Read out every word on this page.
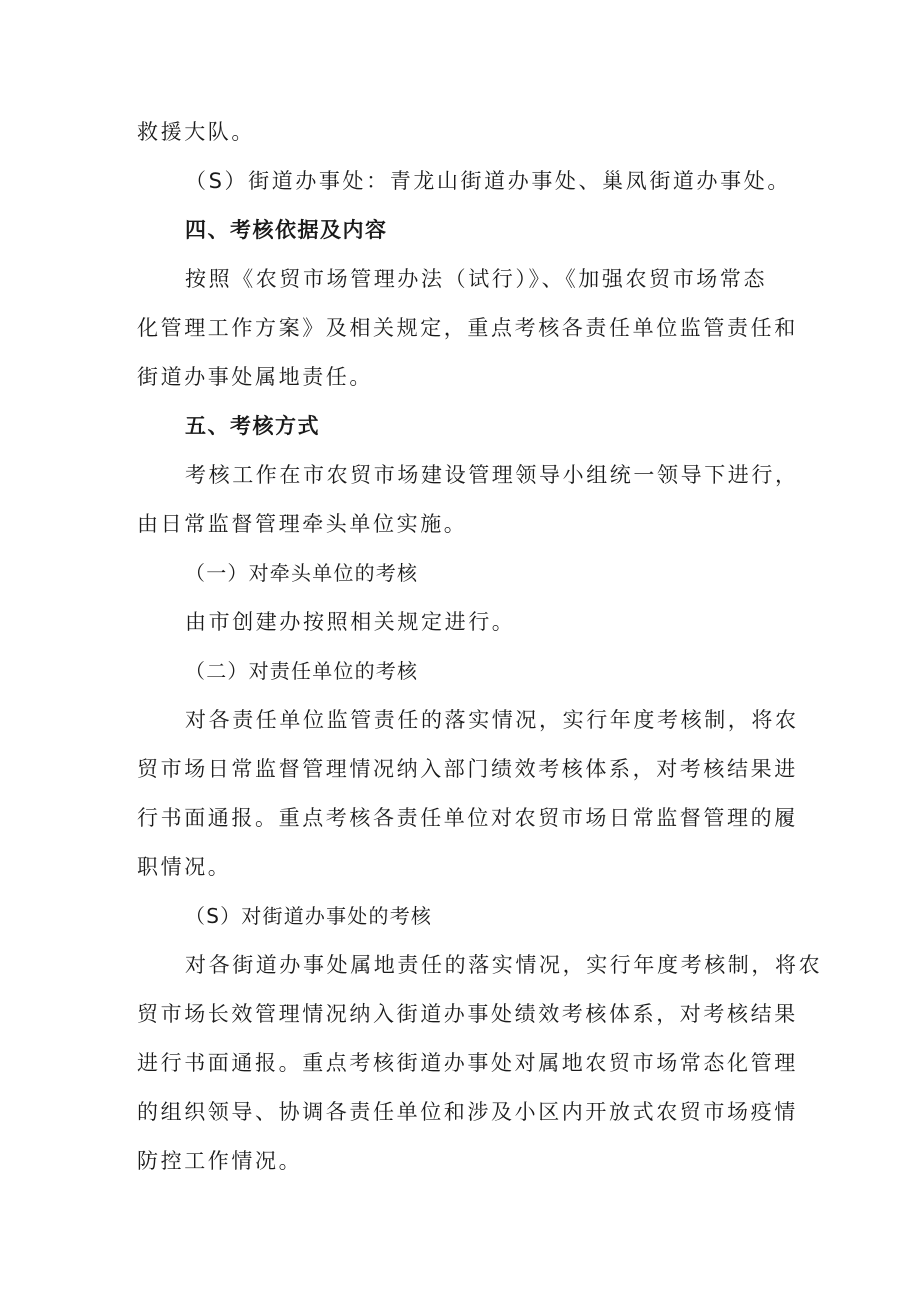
救援大队。
（S）街道办事处：青龙山街道办事处、巢凤街道办事处。
四、考核依据及内容
按照《农贸市场管理办法（试行）》、《加强农贸市场常态
化管理工作方案》及相关规定，重点考核各责任单位监管责任和
街道办事处属地责任。
五、考核方式
考核工作在市农贸市场建设管理领导小组统一领导下进行，
由日常监督管理牵头单位实施。
（一）对牵头单位的考核
由市创建办按照相关规定进行。
（二）对责任单位的考核
对各责任单位监管责任的落实情况，实行年度考核制，将农
贸市场日常监督管理情况纳入部门绩效考核体系，对考核结果进
行书面通报。重点考核各责任单位对农贸市场日常监督管理的履
职情况。
（S）对街道办事处的考核
对各街道办事处属地责任的落实情况，实行年度考核制，将农
贸市场长效管理情况纳入街道办事处绩效考核体系，对考核结果
进行书面通报。重点考核街道办事处对属地农贸市场常态化管理
的组织领导、协调各责任单位和涉及小区内开放式农贸市场疫情
防控工作情况。
